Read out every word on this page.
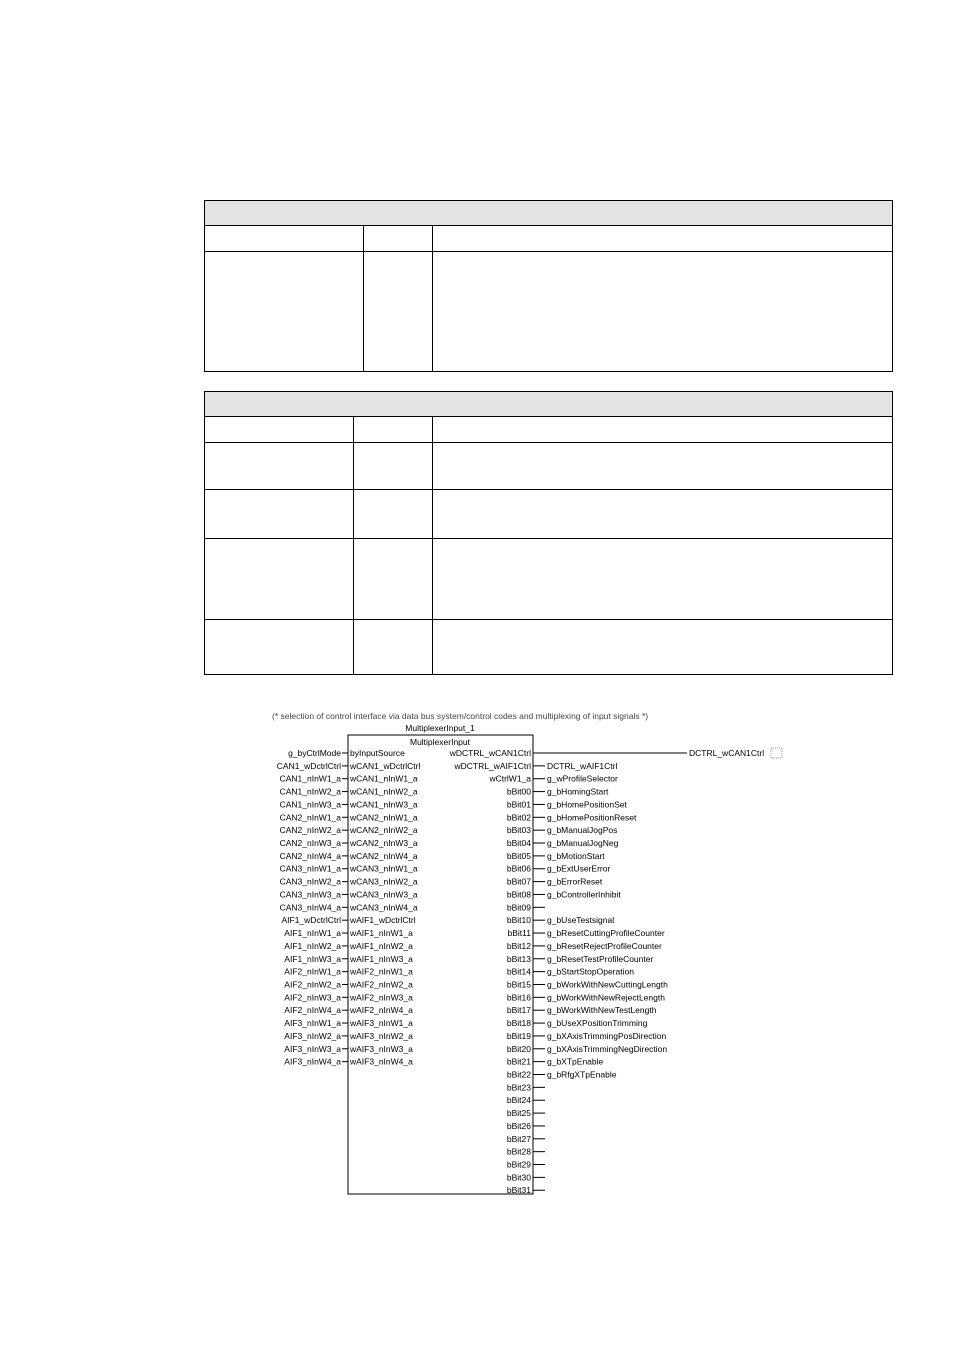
(* selection of control interface via data bus system/control codes and multiplexing of input signals *)
MultiplexerInput_1
MultiplexerInput
g_byCtrlMode byInputSource
CAN1_wDctrlCtrl wCAN1_wDctrlCtrl
CAN1_nInW1_a wCAN1_nInW1_a
CAN1_nInW2_a wCAN1_nInW2_a
CAN1_nInW3_a wCAN1_nInW3_a
CAN2_nInW1_a wCAN2_nInW1_a
CAN2_nInW2_a wCAN2_nInW2_a
CAN2_nInW3_a wCAN2_nInW3_a
CAN2_nInW4_a wCAN2_nInW4_a
CAN3_nInW1_a wCAN3_nInW1_a
CAN3_nInW2_a wCAN3_nInW2_a
CAN3_nInW3_a wCAN3_nInW3_a
CAN3_nInW4_a wCAN3_nInW4_a
AIF1_wDctrlCtrl wAIF1_wDctrlCtrl
AIF1_nInW1_a wAIF1_nInW1_a
AIF1_nInW2_a wAIF1_nInW2_a
AIF1_nInW3_a wAIF1_nInW3_a
AIF2_nInW1_a wAIF2_nInW1_a
AIF2_nInW2_a wAIF2_nInW2_a
AIF2_nInW3_a wAIF2_nInW3_a
AIF2_nInW4_a wAIF2_nInW4_a
AIF3_nInW1_a wAIF3_nInW1_a
AIF3_nInW2_a wAIF3_nInW2_a
AIF3_nInW3_a wAIF3_nInW3_a
AIF3_nInW4_a wAIF3_nInW4_a
wDCTRL_wCAN1Ctrl	DCTRL_wCAN1Ctrl
wDCTRL_wAIF1Ctrl DCTRL_wAIF1Ctrl
wCtrlW1_a g_wProfileSelector
bBit00 g_bHomingStart
bBit01 g_bHomePositionSet
bBit02 g_bHomePositionReset
bBit03 g_bManualJogPos
bBit04 g_bManualJogNeg
bBit05 g_bMotionStart
bBit06 g_bExtUserError
bBit07 g_bErrorReset
bBit08 g_bControllerInhibit
bBit09
bBit10 g_bUseTestsignal
bBit11 g_bResetCuttingProfileCounter
bBit12 g_bResetRejectProfileCounter
bBit13 g_bResetTestProfileCounter
bBit14 g_bStartStopOperation
bBit15 g_bWorkWithNewCuttingLength
bBit16 g_bWorkWithNewRejectLength
bBit17 g_bWorkWithNewTestLength
bBit18 g_bUseXPositionTrimming
bBit19 g_bXAxisTrimmingPosDirection
bBit20 g_bXAxisTrimmingNegDirection
bBit21 g_bXTpEnable
bBit22 g_bRfgXTpEnable
bBit23
bBit24
bBit25
bBit26
bBit27
bBit28
bBit29
bBit30
bBit31
